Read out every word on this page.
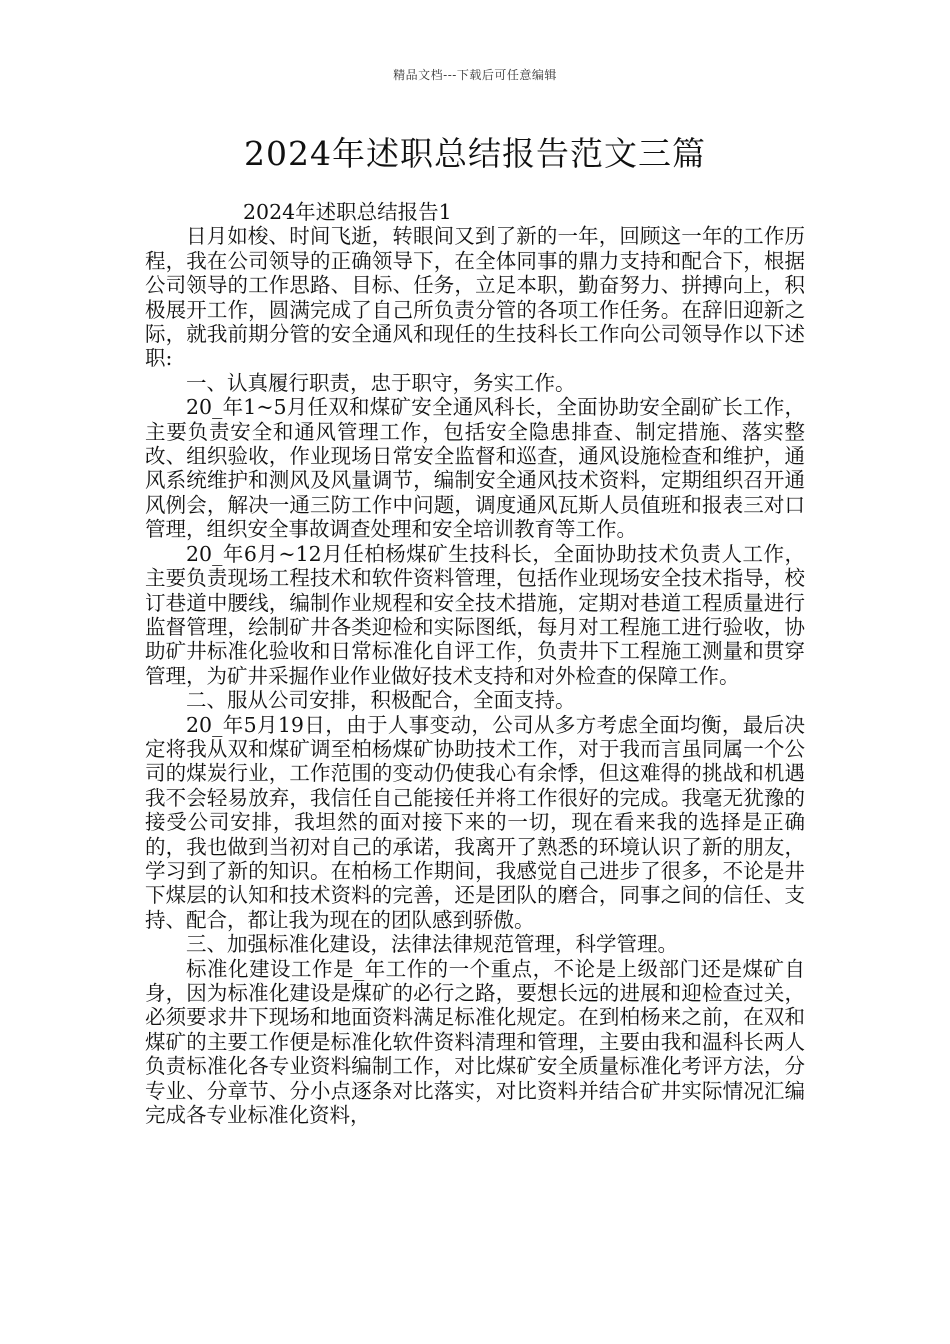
精品文档---下载后可任意编辑
2024年述职总结报告范文三篇

2024年述职总结报告1

日月如梭、时间飞逝，转眼间又到了新的一年，回顾这一年的工作历程，我在公司领导的正确领导下，在全体同事的鼎力支持和配合下，根据公司领导的工作思路、目标、任务，立足本职，勤奋努力、拼搏向上，积极展开工作，圆满完成了自己所负责分管的各项工作任务。在辞旧迎新之际，就我前期分管的安全通风和现任的生技科长工作向公司领导作以下述职:

一、认真履行职责，忠于职守，务实工作。

20_年1~5月任双和煤矿安全通风科长，全面协助安全副矿长工作，主要负责安全和通风管理工作，包括安全隐患排查、制定措施、落实整改、组织验收，作业现场日常安全监督和巡查，通风设施检查和维护，通风系统维护和测风及风量调节，编制安全通风技术资料，定期组织召开通风例会，解决一通三防工作中问题，调度通风瓦斯人员值班和报表三对口管理，组织安全事故调查处理和安全培训教育等工作。

20_年6月~12月任柏杨煤矿生技科长，全面协助技术负责人工作，主要负责现场工程技术和软件资料管理，包括作业现场安全技术指导，校订巷道中腰线，编制作业规程和安全技术措施，定期对巷道工程质量进行监督管理，绘制矿井各类迎检和实际图纸，每月对工程施工进行验收，协助矿井标准化验收和日常标准化自评工作，负责井下工程施工测量和贯穿管理，为矿井采掘作业作业做好技术支持和对外检查的保障工作。

二、服从公司安排，积极配合，全面支持。

20_年5月19日，由于人事变动，公司从多方考虑全面均衡，最后决定将我从双和煤矿调至柏杨煤矿协助技术工作，对于我而言虽同属一个公司的煤炭行业，工作范围的变动仍使我心有余悸，但这难得的挑战和机遇我不会轻易放弃，我信任自己能接任并将工作很好的完成。我毫无犹豫的接受公司安排，我坦然的面对接下来的一切，现在看来我的选择是正确的，我也做到当初对自己的承诺，我离开了熟悉的环境认识了新的朋友，学习到了新的知识。在柏杨工作期间，我感觉自己进步了很多，不论是井下煤层的认知和技术资料的完善，还是团队的磨合，同事之间的信任、支持、配合，都让我为现在的团队感到骄傲。

三、加强标准化建设，法律法律规范管理，科学管理。

标准化建设工作是_年工作的一个重点，不论是上级部门还是煤矿自身，因为标准化建设是煤矿的必行之路，要想长远的进展和迎检查过关，必须要求井下现场和地面资料满足标准化规定。在到柏杨来之前，在双和煤矿的主要工作便是标准化软件资料清理和管理，主要由我和温科长两人负责标准化各专业资料编制工作，对比煤矿安全质量标准化考评方法，分专业、分章节、分小点逐条对比落实，对比资料并结合矿井实际情况汇编完成各专业标准化资料，
